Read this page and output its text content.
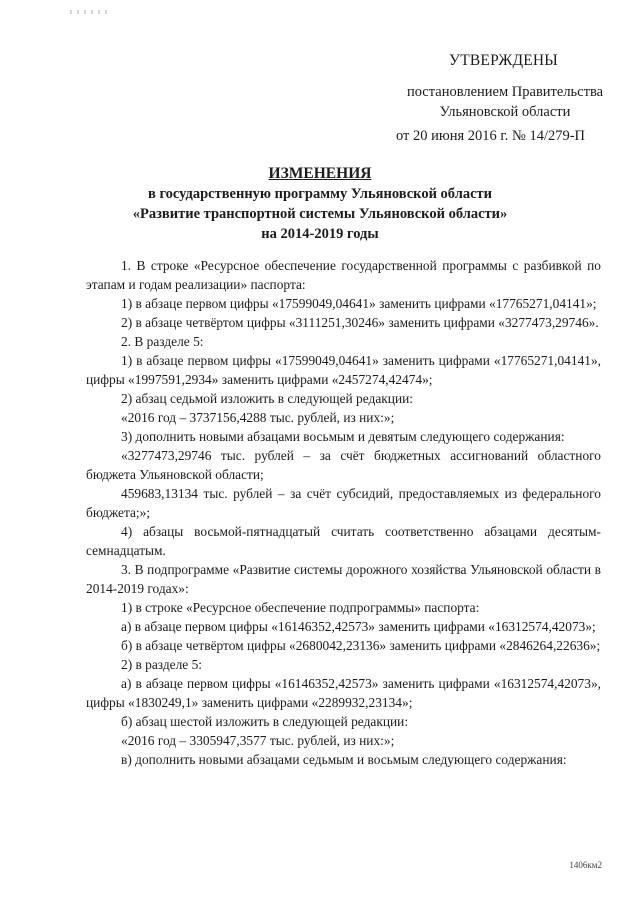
УТВЕРЖДЕНЫ
постановлением Правительства
Ульяновской области
от 20 июня 2016 г. № 14/279-П
ИЗМЕНЕНИЯ
в государственную программу Ульяновской области
«Развитие транспортной системы Ульяновской области»
на 2014-2019 годы

1. В строке «Ресурсное обеспечение государственной программы с разбивкой по этапам и годам реализации» паспорта:

1) в абзаце первом цифры «17599049,04641» заменить цифрами «17765271,04141»;

2) в абзаце четвёртом цифры «3111251,30246» заменить цифрами «3277473,29746».

2. В разделе 5:

1) в абзаце первом цифры «17599049,04641» заменить цифрами «17765271,04141», цифры «1997591,2934» заменить цифрами «2457274,42474»;

2) абзац седьмой изложить в следующей редакции:

«2016 год – 3737156,4288 тыс. рублей, из них:»;

3) дополнить новыми абзацами восьмым и девятым следующего содержания:

«3277473,29746 тыс. рублей – за счёт бюджетных ассигнований областного бюджета Ульяновской области;

459683,13134 тыс. рублей – за счёт субсидий, предоставляемых из федерального бюджета;»;

4) абзацы восьмой-пятнадцатый считать соответственно абзацами десятым-семнадцатым.

3. В подпрограмме «Развитие системы дорожного хозяйства Ульяновской области в 2014-2019 годах»:

1) в строке «Ресурсное обеспечение подпрограммы» паспорта:

а) в абзаце первом цифры «16146352,42573» заменить цифрами «16312574,42073»;

б) в абзаце четвёртом цифры «2680042,23136» заменить цифрами «2846264,22636»;

2) в разделе 5:

а) в абзаце первом цифры «16146352,42573» заменить цифрами «16312574,42073», цифры «1830249,1» заменить цифрами «2289932,23134»;

б) абзац шестой изложить в следующей редакции:

«2016 год – 3305947,3577 тыс. рублей, из них:»;

в) дополнить новыми абзацами седьмым и восьмым следующего содержания:

1406км2
